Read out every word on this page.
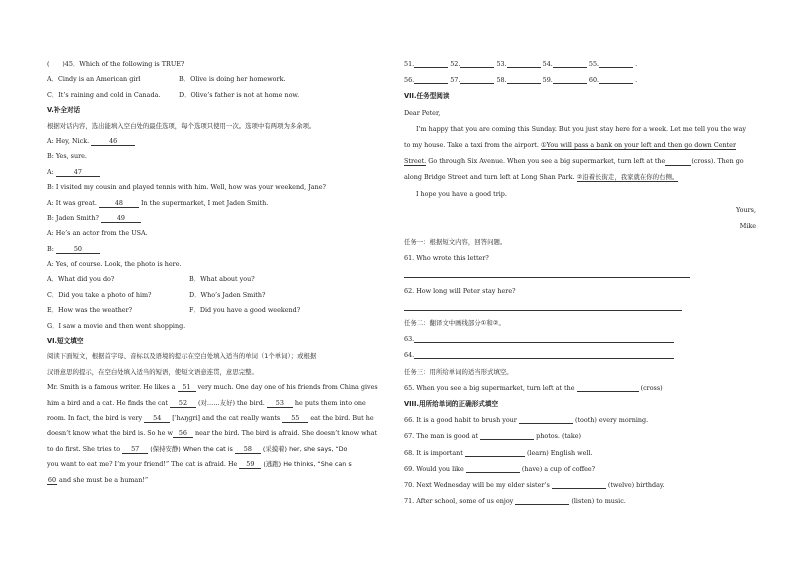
(　　)45．Which of the following is TRUE?
A．Cindy is an American girl	B．Olive is doing her homework.
C．It’s raining and cold in Canada.	D．Olive’s father is not at home now.
V.补全对话
根据对话内容，选出能填入空白处的最佳选项，每个选项只使用一次。选项中有两项为多余项。
A: Hey, Nick.	46
B: Yes, sure.
A:	47
B: I visited my cousin and played tennis with him. Well, how was your weekend, Jane?
A: It was great.	48	In the supermarket, I met Jaden Smith.
B: Jaden Smith?	49
A: He’s an actor from the USA.
B:	50
A: Yes, of course. Look, the photo is here.
A．What did you do?	B．What about you?
C．Did you take a photo of him?	D．Who’s Jaden Smith?
E．How was the weather?	F．Did you have a good weekend?
G．I saw a movie and then went shopping.
VI.短文填空
阅读下面短文，根据首字母、音标以及语境的提示在空白处填入适当的单词（1个单词）；或根据
汉语意思的提示，在空白处填入适当的短语，使短文语意连贯，意思完整。
Mr. Smith is a famous writer. He likes a 51 very much. One day one of his friends from China gives
him a bird and a cat. He finds the cat 52 (对……友好) the bird. 53 he puts them into one
room. In fact, the bird is very 54 [ˈhʌŋɡri] and the cat really wants 55 eat the bird. But he
doesn’t know what the bird is. So he w 56 near the bird. The bird is afraid. She doesn’t know what
to do first. She tries to 57 (保持安静) When the cat is 58 (采摸着) her, she says, “Do
you want to eat me? I’m your friend!” The cat is afraid. He 59 (逃跑) He thinks, “She can s
60 and she must be a human!”
51.	52.	53.	54.	55.	.
56.	57.	58.	59.	60.	.
VII.任务型阅读
Dear Peter,
I’m happy that you are coming this Sunday. But you just stay here for a week. Let me tell you the way
to my house. Take a taxi from the airport. ①You will pass a bank on your left and then go down Center
Street. Go through Six Avenue. When you see a big supermarket, turn left at the	(cross). Then go
along Bridge Street and turn left at Long Shan Park. ②沿着长街走，我家就在你的右侧。
I hope you have a good trip.
Yours,
Mike
任务一：根据短文内容，回答问题。
61. Who wrote this letter?
62. How long will Peter stay here?
任务二：翻译文中画线部分①和②。
63.
64.
任务三：用所给单词的适当形式填空。
65. When you see a big supermarket, turn left at the	(cross)
VIII.用所给单词的正确形式填空
66. It is a good habit to brush your	(tooth) every morning.
67. The man is good at	photos. (take)
68. It is important	(learn) English well.
69. Would you like	(have) a cup of coffee?
70. Next Wednesday will be my elder sister’s	(twelve) birthday.
71. After school, some of us enjoy	(listen) to music.
